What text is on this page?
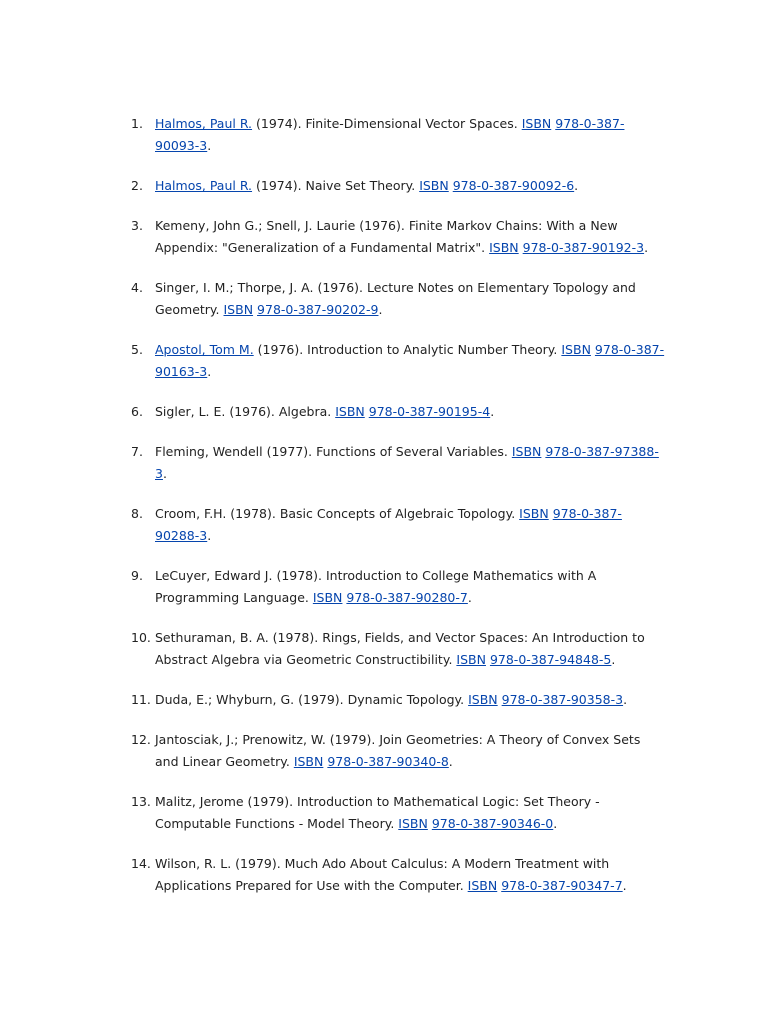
1. Halmos, Paul R. (1974). Finite-Dimensional Vector Spaces. ISBN 978-0-387-90093-3.
2. Halmos, Paul R. (1974). Naive Set Theory. ISBN 978-0-387-90092-6.
3. Kemeny, John G.; Snell, J. Laurie (1976). Finite Markov Chains: With a New Appendix: "Generalization of a Fundamental Matrix". ISBN 978-0-387-90192-3.
4. Singer, I. M.; Thorpe, J. A. (1976). Lecture Notes on Elementary Topology and Geometry. ISBN 978-0-387-90202-9.
5. Apostol, Tom M. (1976). Introduction to Analytic Number Theory. ISBN 978-0-387-90163-3.
6. Sigler, L. E. (1976). Algebra. ISBN 978-0-387-90195-4.
7. Fleming, Wendell (1977). Functions of Several Variables. ISBN 978-0-387-97388-3.
8. Croom, F.H. (1978). Basic Concepts of Algebraic Topology. ISBN 978-0-387-90288-3.
9. LeCuyer, Edward J. (1978). Introduction to College Mathematics with A Programming Language. ISBN 978-0-387-90280-7.
10. Sethuraman, B. A. (1978). Rings, Fields, and Vector Spaces: An Introduction to Abstract Algebra via Geometric Constructibility. ISBN 978-0-387-94848-5.
11. Duda, E.; Whyburn, G. (1979). Dynamic Topology. ISBN 978-0-387-90358-3.
12. Jantosciak, J.; Prenowitz, W. (1979). Join Geometries: A Theory of Convex Sets and Linear Geometry. ISBN 978-0-387-90340-8.
13. Malitz, Jerome (1979). Introduction to Mathematical Logic: Set Theory - Computable Functions - Model Theory. ISBN 978-0-387-90346-0.
14. Wilson, R. L. (1979). Much Ado About Calculus: A Modern Treatment with Applications Prepared for Use with the Computer. ISBN 978-0-387-90347-7.
